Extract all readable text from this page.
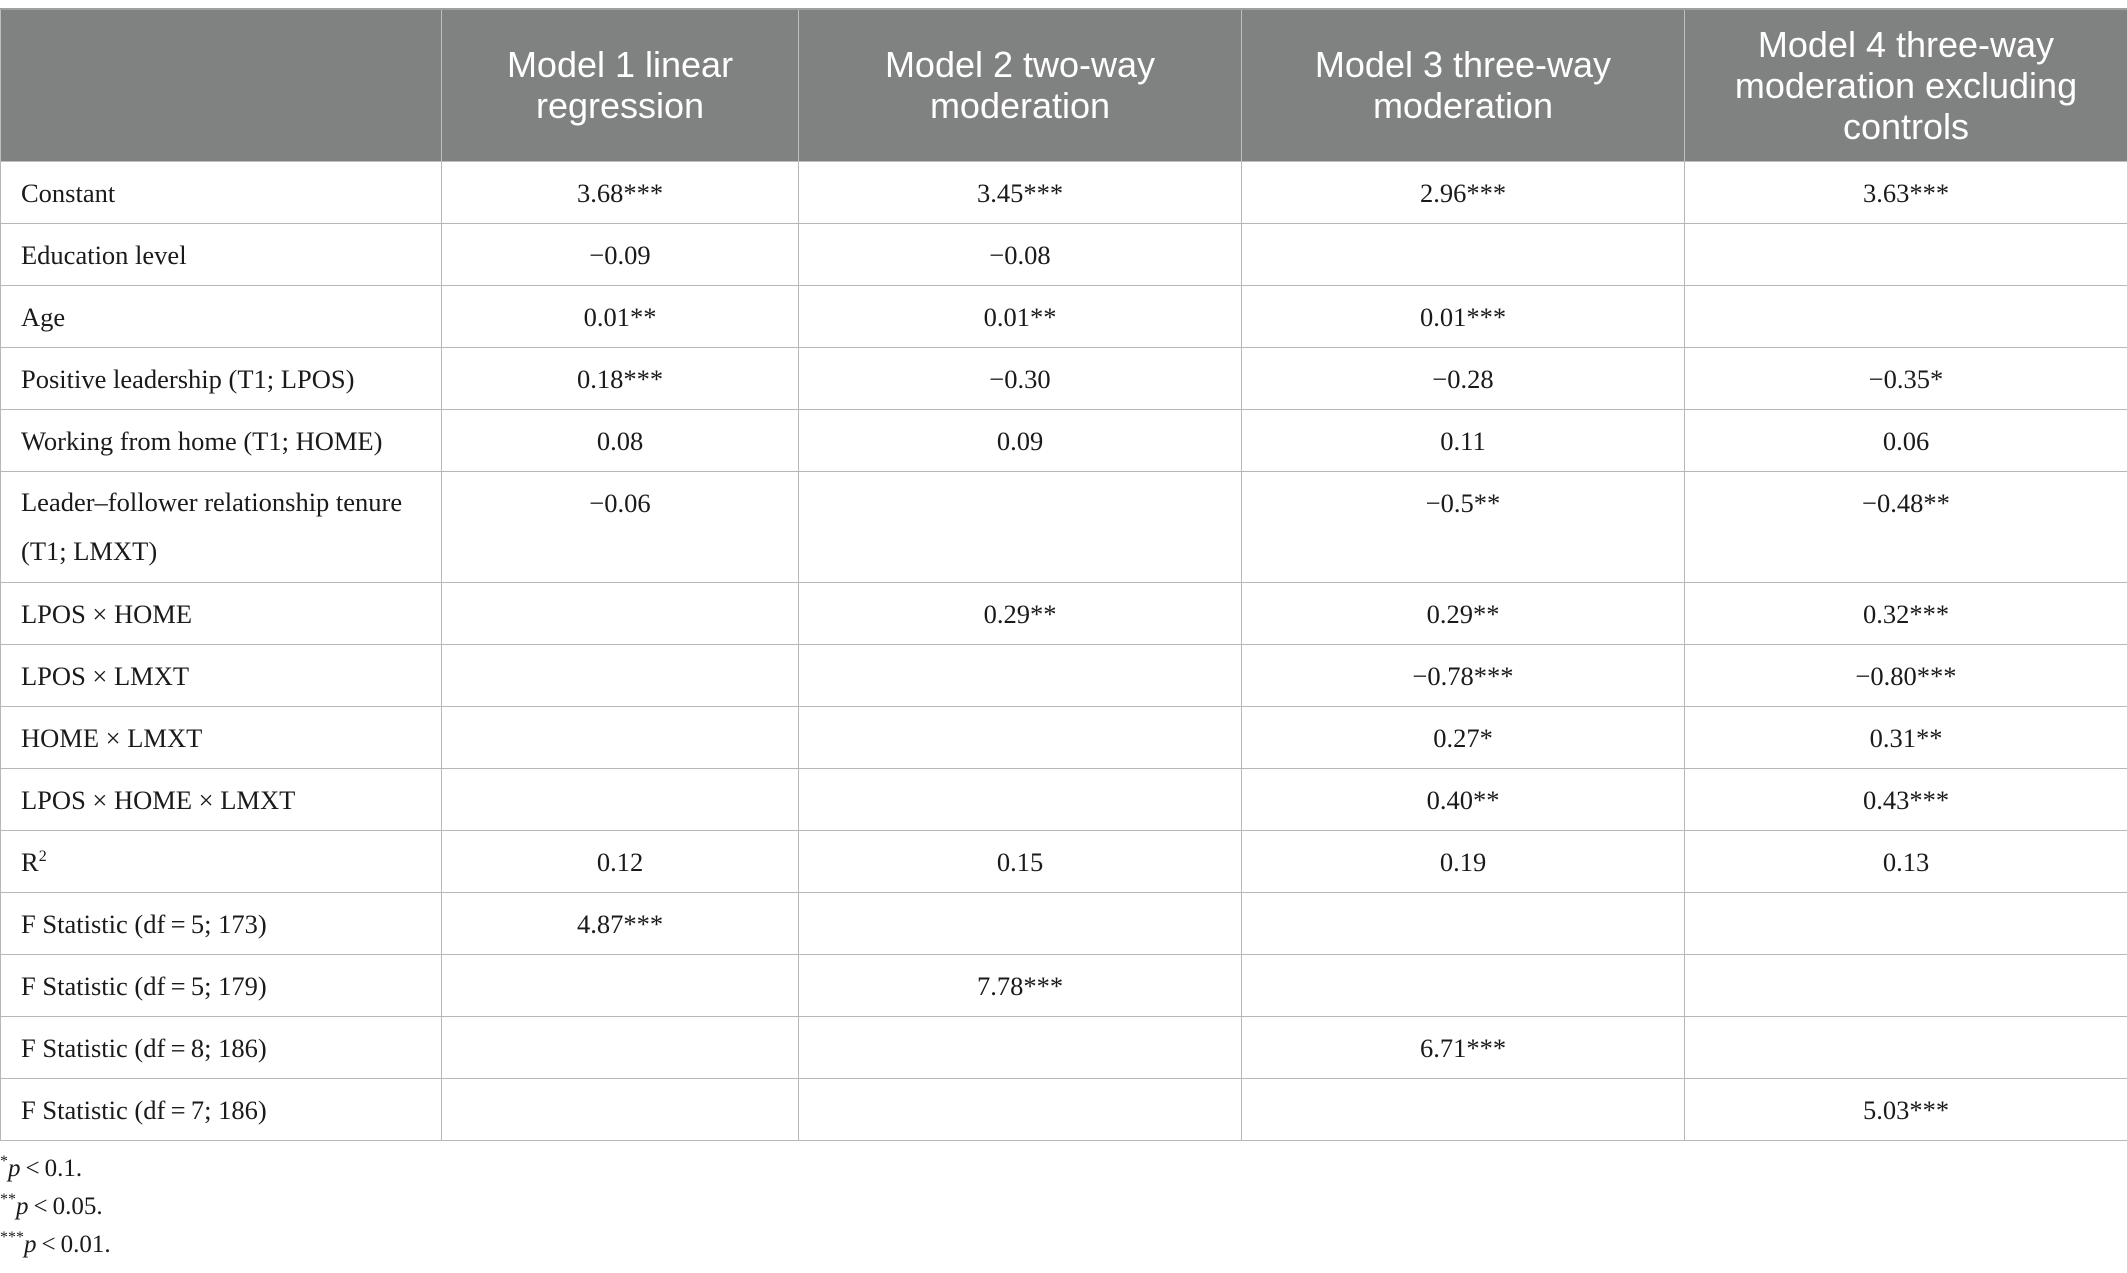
	Model 1 linear regression	Model 2 two-way moderation	Model 3 three-way moderation	Model 4 three-way moderation excluding controls
Constant	3.68***	3.45***	2.96***	3.63***
Education level	−0.09	−0.08		
Age	0.01**	0.01**	0.01***	
Positive leadership (T1; LPOS)	0.18***	−0.30	−0.28	−0.35*
Working from home (T1; HOME)	0.08	0.09	0.11	0.06
Leader–follower relationship tenure (T1; LMXT)	−0.06		−0.5**	−0.48**
LPOS × HOME		0.29**	0.29**	0.32***
LPOS × LMXT			−0.78***	−0.80***
HOME × LMXT			0.27*	0.31**
LPOS × HOME × LMXT			0.40**	0.43***
$R^2$	0.12	0.15	0.19	0.13
F Statistic (df = 5; 173)	4.87***			
F Statistic (df = 5; 179)		7.78***		
F Statistic (df = 8; 186)			6.71***	
F Statistic (df = 7; 186)				5.03***
*p < 0.1.
**p < 0.05.
***p < 0.01.
